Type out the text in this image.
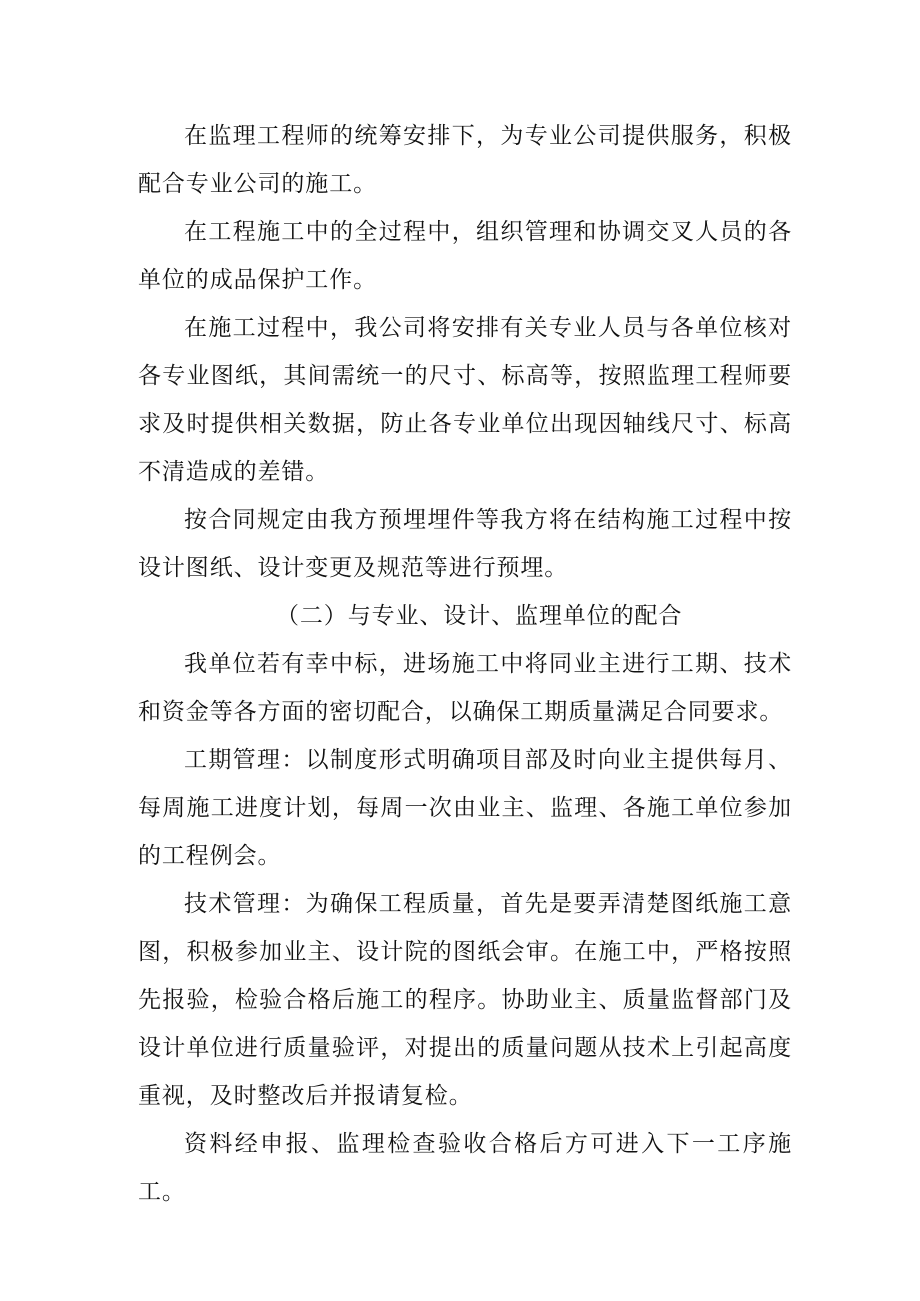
在监理工程师的统筹安排下，为专业公司提供服务，积极配合专业公司的施工。

在工程施工中的全过程中，组织管理和协调交叉人员的各单位的成品保护工作。

在施工过程中，我公司将安排有关专业人员与各单位核对各专业图纸，其间需统一的尺寸、标高等，按照监理工程师要求及时提供相关数据，防止各专业单位出现因轴线尺寸、标高不清造成的差错。

按合同规定由我方预埋埋件等我方将在结构施工过程中按设计图纸、设计变更及规范等进行预埋。

（二）与专业、设计、监理单位的配合

我单位若有幸中标，进场施工中将同业主进行工期、技术和资金等各方面的密切配合，以确保工期质量满足合同要求。

工期管理：以制度形式明确项目部及时向业主提供每月、每周施工进度计划，每周一次由业主、监理、各施工单位参加的工程例会。

技术管理：为确保工程质量，首先是要弄清楚图纸施工意图，积极参加业主、设计院的图纸会审。在施工中，严格按照先报验，检验合格后施工的程序。协助业主、质量监督部门及设计单位进行质量验评，对提出的质量问题从技术上引起高度重视，及时整改后并报请复检。

资料经申报、监理检查验收合格后方可进入下一工序施工。
